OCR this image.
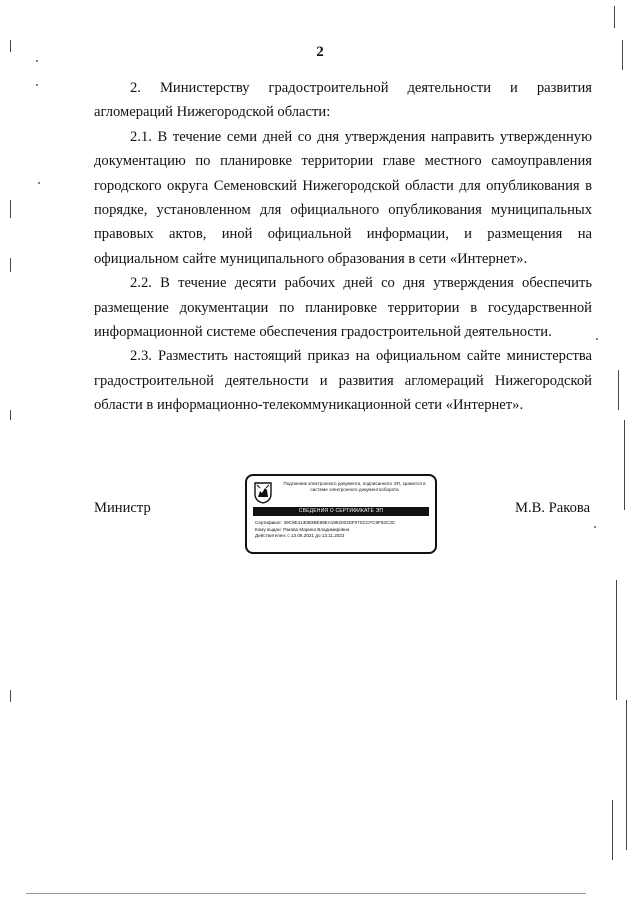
2

2. Министерству градостроительной деятельности и развития агломераций Нижегородской области:

2.1. В течение семи дней со дня утверждения направить утвержденную документацию по планировке территории главе местного самоуправления городского округа Семеновский Нижегородской области для опубликования в порядке, установленном для официального опубликования муниципальных правовых актов, иной официальной информации, и размещения на официальном сайте муниципального образования в сети «Интернет».

2.2. В течение десяти рабочих дней со дня утверждения обеспечить размещение документации по планировке территории в государственной информационной системе обеспечения градостроительной деятельности.

2.3. Разместить настоящий приказ на официальном сайте министерства градостроительной деятельности и развития агломераций Нижегородской области в информационно-телекоммуникационной сети «Интернет».

Министр	М.В. Ракова
Подлинник электронного документа, подписанного ЭП, хранится в системе электронного документооборота
СВЕДЕНИЯ О СЕРТИФИКАТЕ ЭП
Сертификат: 39C8E4130B3BE59EA1852003SF07SCCFC9F92C3C
Кому выдан: Ракова Марина Владимировна
Действителен: с 13.08.2021 до 13.11.2022
